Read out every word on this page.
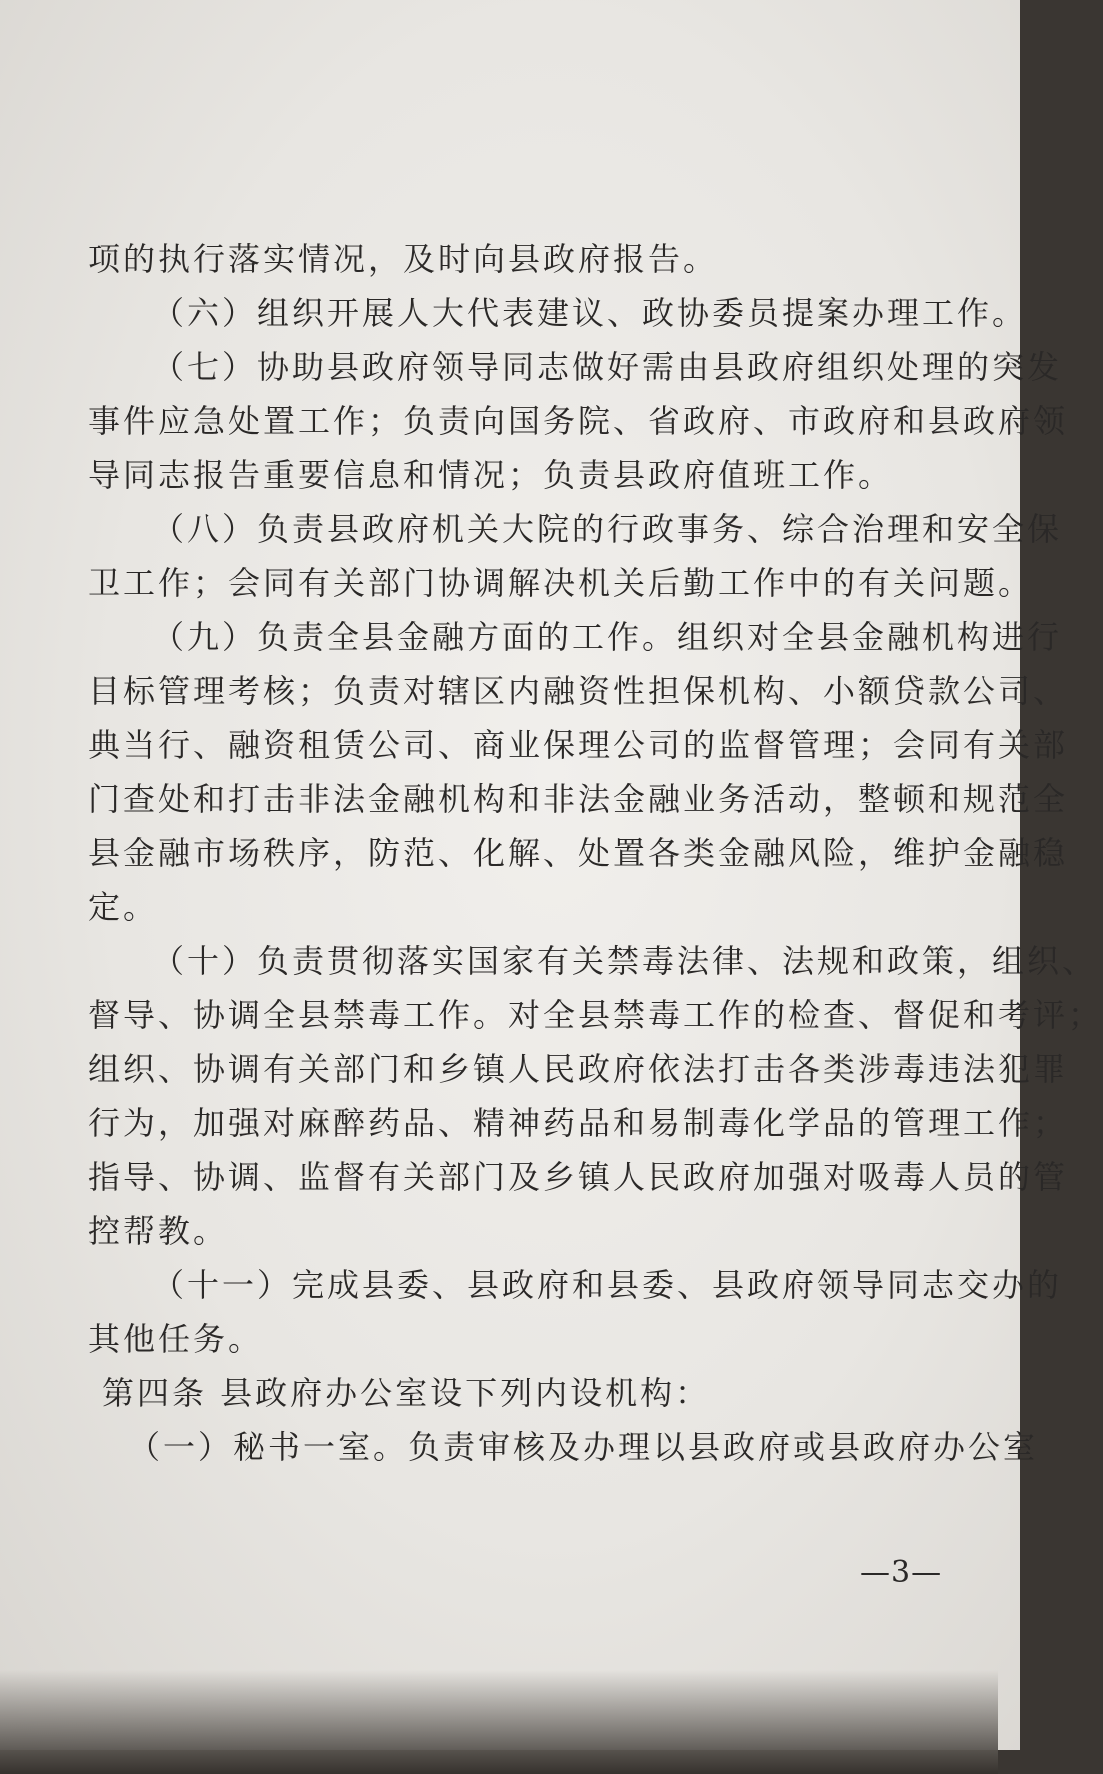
项的执行落实情况，及时向县政府报告。
（六）组织开展人大代表建议、政协委员提案办理工作。
（七）协助县政府领导同志做好需由县政府组织处理的突发
事件应急处置工作；负责向国务院、省政府、市政府和县政府领
导同志报告重要信息和情况；负责县政府值班工作。
（八）负责县政府机关大院的行政事务、综合治理和安全保
卫工作；会同有关部门协调解决机关后勤工作中的有关问题。
（九）负责全县金融方面的工作。组织对全县金融机构进行
目标管理考核；负责对辖区内融资性担保机构、小额贷款公司、
典当行、融资租赁公司、商业保理公司的监督管理；会同有关部
门查处和打击非法金融机构和非法金融业务活动，整顿和规范全
县金融市场秩序，防范、化解、处置各类金融风险，维护金融稳
定。
（十）负责贯彻落实国家有关禁毒法律、法规和政策，组织、
督导、协调全县禁毒工作。对全县禁毒工作的检查、督促和考评；
组织、协调有关部门和乡镇人民政府依法打击各类涉毒违法犯罪
行为，加强对麻醉药品、精神药品和易制毒化学品的管理工作；
指导、协调、监督有关部门及乡镇人民政府加强对吸毒人员的管
控帮教。
（十一）完成县委、县政府和县委、县政府领导同志交办的
其他任务。
第四条 县政府办公室设下列内设机构：
（一）秘书一室。负责审核及办理以县政府或县政府办公室
—3—
